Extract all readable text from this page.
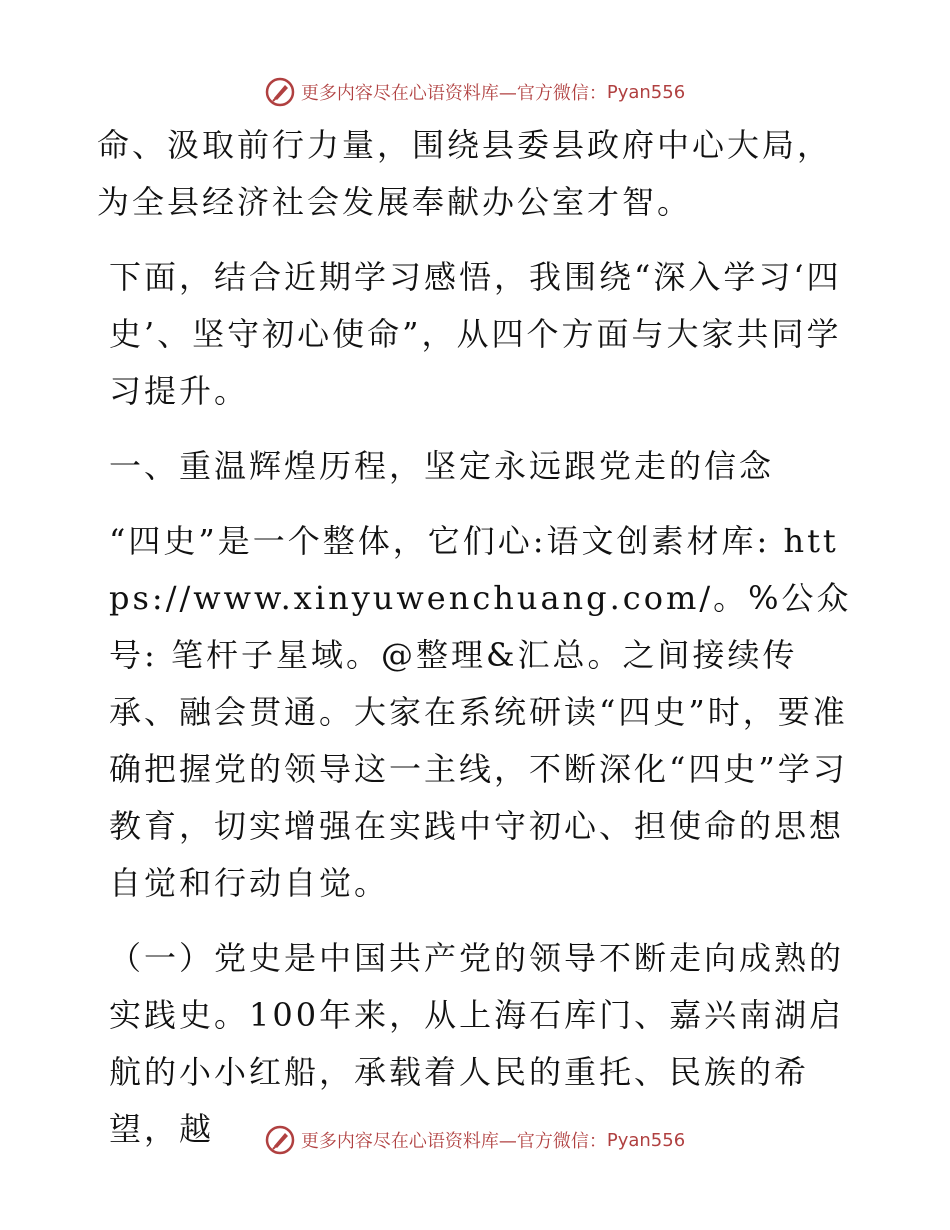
更多内容尽在心语资料库—官方微信： Pyan556

命、汲取前行力量，围绕县委县政府中心大局，为全县经济社会发展奉献办公室才智。

下面，结合近期学习感悟，我围绕“深入学习‘四史’、坚守初心使命”，从四个方面与大家共同学习提升。

一、重温辉煌历程，坚定永远跟党走的信念

“四史”是一个整体，它们心:语文创素材库: https://www.xinyuwenchuang.com/。%公众号: 笔杆子星域。@整理&汇总。之间接续传承、融会贯通。大家在系统研读“四史”时，要准确把握党的领导这一主线，不断深化“四史”学习教育，切实增强在实践中守初心、担使命的思想自觉和行动自觉。

（一）党史是中国共产党的领导不断走向成熟的实践史。100年来，从上海石库门、嘉兴南湖启航的小小红船，承载着人民的重托、民族的希望，越	更多内容尽在心语资料库—官方微信： Pyan556
